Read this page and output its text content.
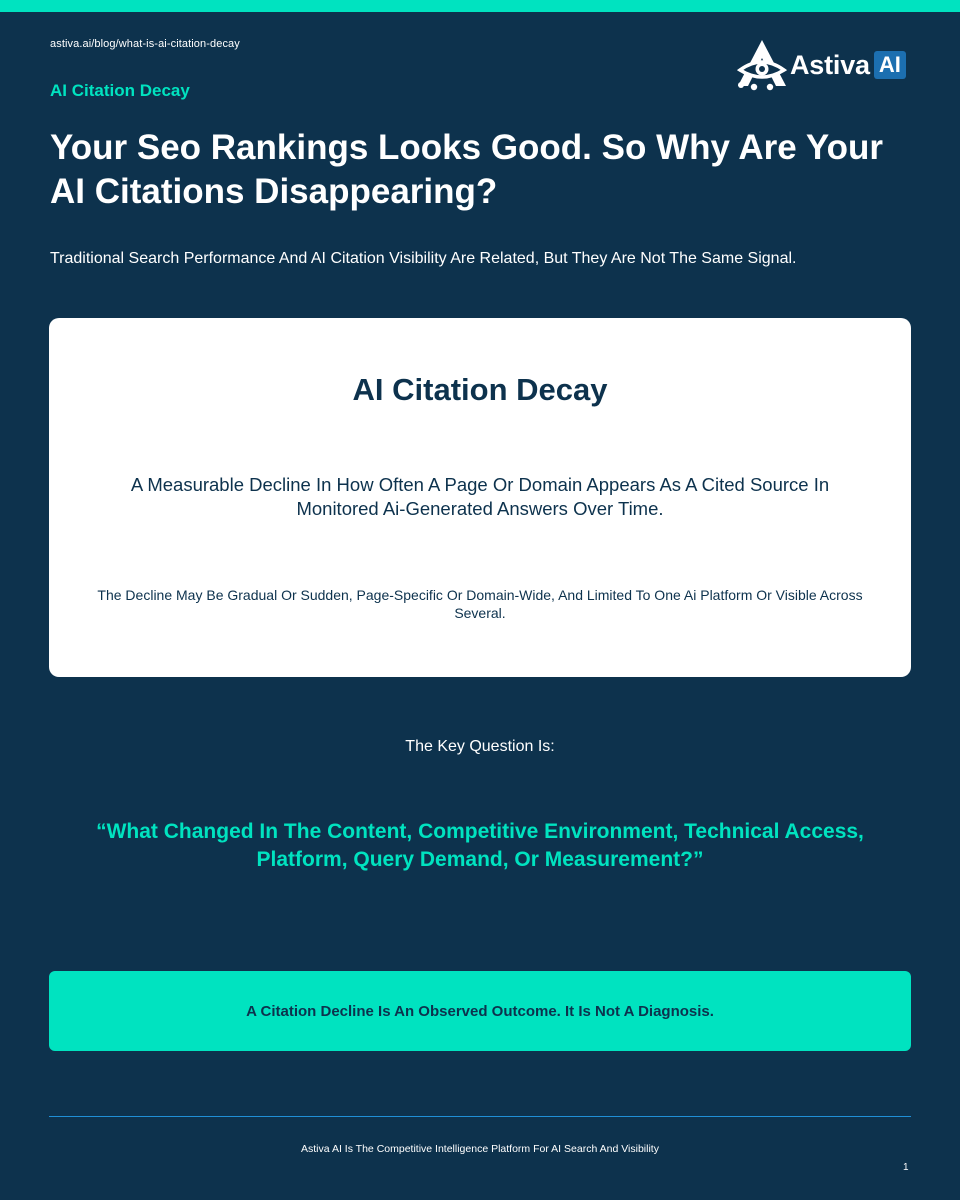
astiva.ai/blog/what-is-ai-citation-decay
Astiva AI
AI Citation Decay
Your Seo Rankings Looks Good. So Why Are Your AI Citations Disappearing?

Traditional Search Performance And AI Citation Visibility Are Related, But They Are Not The Same Signal.

AI Citation Decay

A Measurable Decline In How Often A Page Or Domain Appears As A Cited Source In Monitored Ai-Generated Answers Over Time.

The Decline May Be Gradual Or Sudden, Page-Specific Or Domain-Wide, And Limited To One Ai Platform Or Visible Across Several.

The Key Question Is:
“What Changed In The Content, Competitive Environment, Technical Access, Platform, Query Demand, Or Measurement?”
A Citation Decline Is An Observed Outcome. It Is Not A Diagnosis.
Astiva AI Is The Competitive Intelligence Platform For AI Search And Visibility
1
